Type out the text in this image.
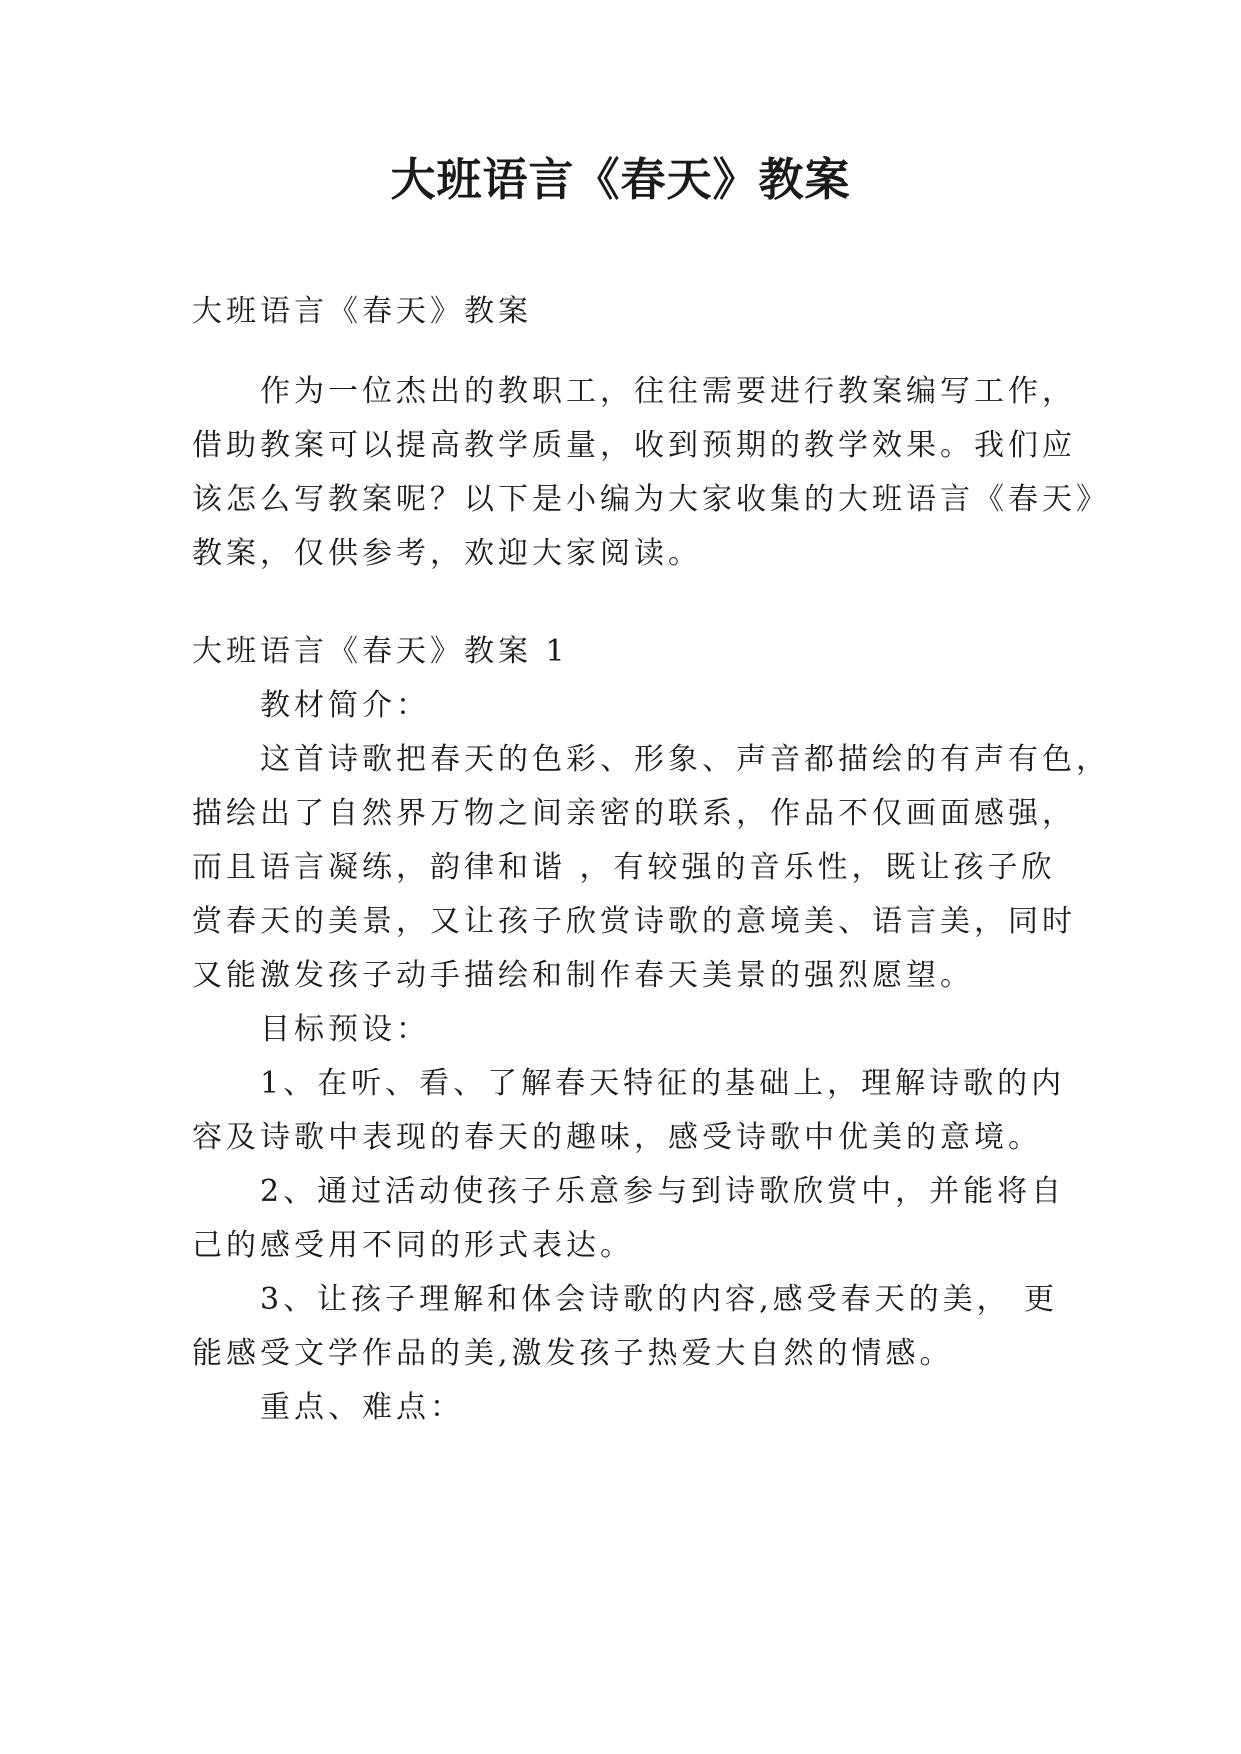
大班语言《春天》教案
大班语言《春天》教案
作为一位杰出的教职工，往往需要进行教案编写工作，
借助教案可以提高教学质量，收到预期的教学效果。我们应
该怎么写教案呢？以下是小编为大家收集的大班语言《春天》
教案，仅供参考，欢迎大家阅读。
大班语言《春天》教案 1
教材简介：
这首诗歌把春天的色彩、形象、声音都描绘的有声有色，
描绘出了自然界万物之间亲密的联系，作品不仅画面感强，
而且语言凝练，韵律和谐 ，有较强的音乐性，既让孩子欣
赏春天的美景，又让孩子欣赏诗歌的意境美、语言美，同时
又能激发孩子动手描绘和制作春天美景的强烈愿望。
目标预设：
1、在听、看、了解春天特征的基础上，理解诗歌的内
容及诗歌中表现的春天的趣味，感受诗歌中优美的意境。
2、通过活动使孩子乐意参与到诗歌欣赏中，并能将自
己的感受用不同的形式表达。
3、让孩子理解和体会诗歌的内容,感受春天的美， 更
能感受文学作品的美,激发孩子热爱大自然的情感。
重点、难点：
